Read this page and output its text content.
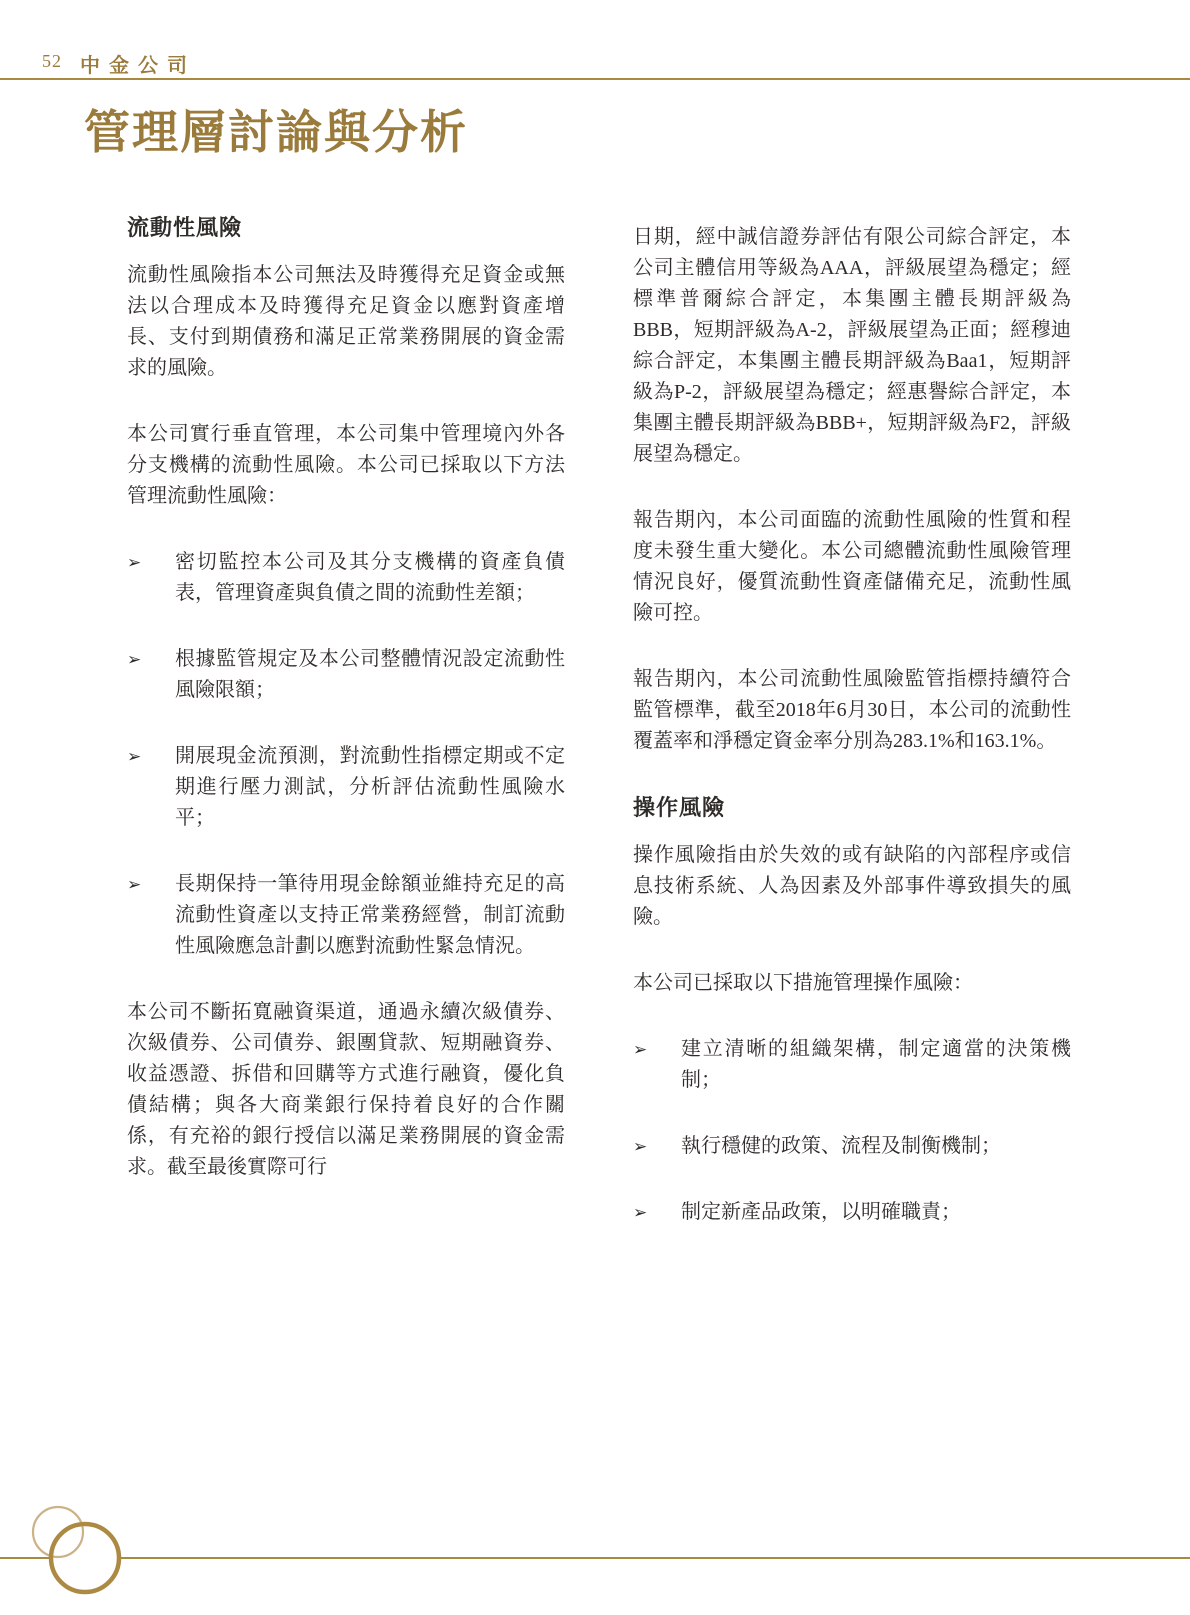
52 中金公司
管理層討論與分析
流動性風險

流動性風險指本公司無法及時獲得充足資金或無法以合理成本及時獲得充足資金以應對資產增長、支付到期債務和滿足正常業務開展的資金需求的風險。

本公司實行垂直管理，本公司集中管理境內外各分支機構的流動性風險。本公司已採取以下方法管理流動性風險：

➢	密切監控本公司及其分支機構的資產負債表，管理資產與負債之間的流動性差額；
➢	根據監管規定及本公司整體情況設定流動性風險限額；
➢	開展現金流預測，對流動性指標定期或不定期進行壓力測試，分析評估流動性風險水平；
➢	長期保持一筆待用現金餘額並維持充足的高流動性資產以支持正常業務經營，制訂流動性風險應急計劃以應對流動性緊急情況。

本公司不斷拓寬融資渠道，通過永續次級債券、次級債券、公司債券、銀團貸款、短期融資券、收益憑證、拆借和回購等方式進行融資，優化負債結構；與各大商業銀行保持着良好的合作關係，有充裕的銀行授信以滿足業務開展的資金需求。截至最後實際可行

日期，經中誠信證券評估有限公司綜合評定，本公司主體信用等級為AAA，評級展望為穩定；經標準普爾綜合評定，本集團主體長期評級為BBB，短期評級為A-2，評級展望為正面；經穆迪綜合評定，本集團主體長期評級為Baa1，短期評級為P-2，評級展望為穩定；經惠譽綜合評定，本集團主體長期評級為BBB+，短期評級為F2，評級展望為穩定。

報告期內，本公司面臨的流動性風險的性質和程度未發生重大變化。本公司總體流動性風險管理情況良好，優質流動性資產儲備充足，流動性風險可控。

報告期內，本公司流動性風險監管指標持續符合監管標準，截至2018年6月30日，本公司的流動性覆蓋率和淨穩定資金率分別為283.1%和163.1%。

操作風險

操作風險指由於失效的或有缺陷的內部程序或信息技術系統、人為因素及外部事件導致損失的風險。

本公司已採取以下措施管理操作風險：

➢	建立清晰的組織架構，制定適當的決策機制；
➢	執行穩健的政策、流程及制衡機制；
➢	制定新產品政策，以明確職責；
